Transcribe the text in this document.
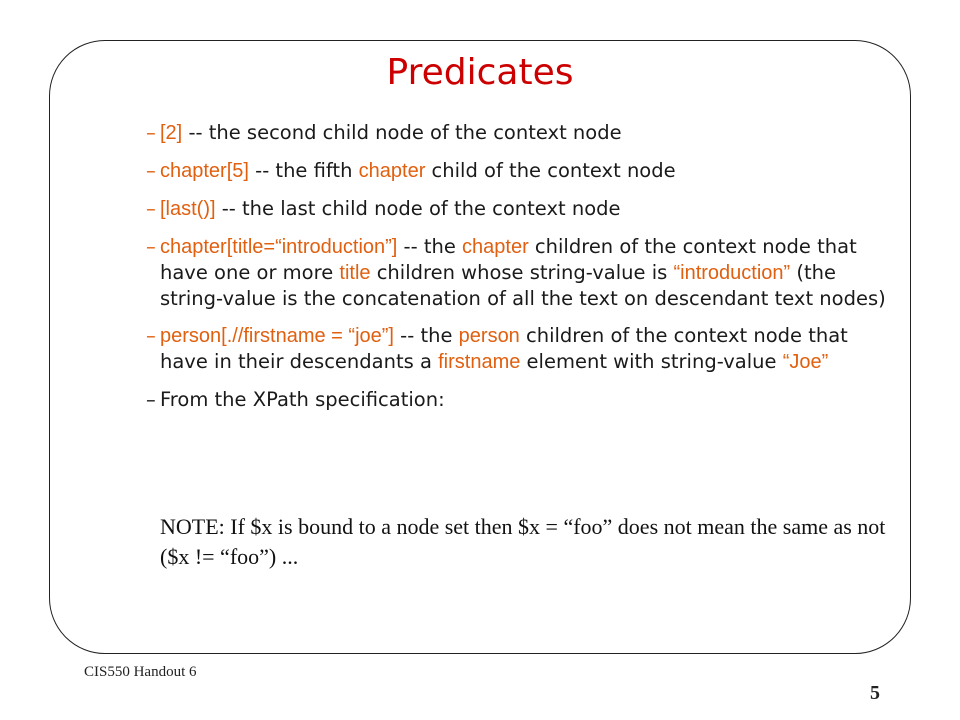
Predicates
– [2] -- the second child node of the context node
– chapter[5] -- the fifth chapter child of the context node
– [last()] -- the last child node of the context node
– chapter[title=“introduction”] -- the chapter children of the context node that have one or more title children whose string-value is “introduction” (the string-value is the concatenation of all the text on descendant text nodes)
– person[.//firstname = “joe”] -- the person children of the context node that have in their descendants a firstname element with string-value “Joe”
– From the XPath specification:
NOTE: If $x is bound to a node set then $x = “foo” does not mean the same as not ($x != “foo”) ...
CIS550 Handout 6
5
